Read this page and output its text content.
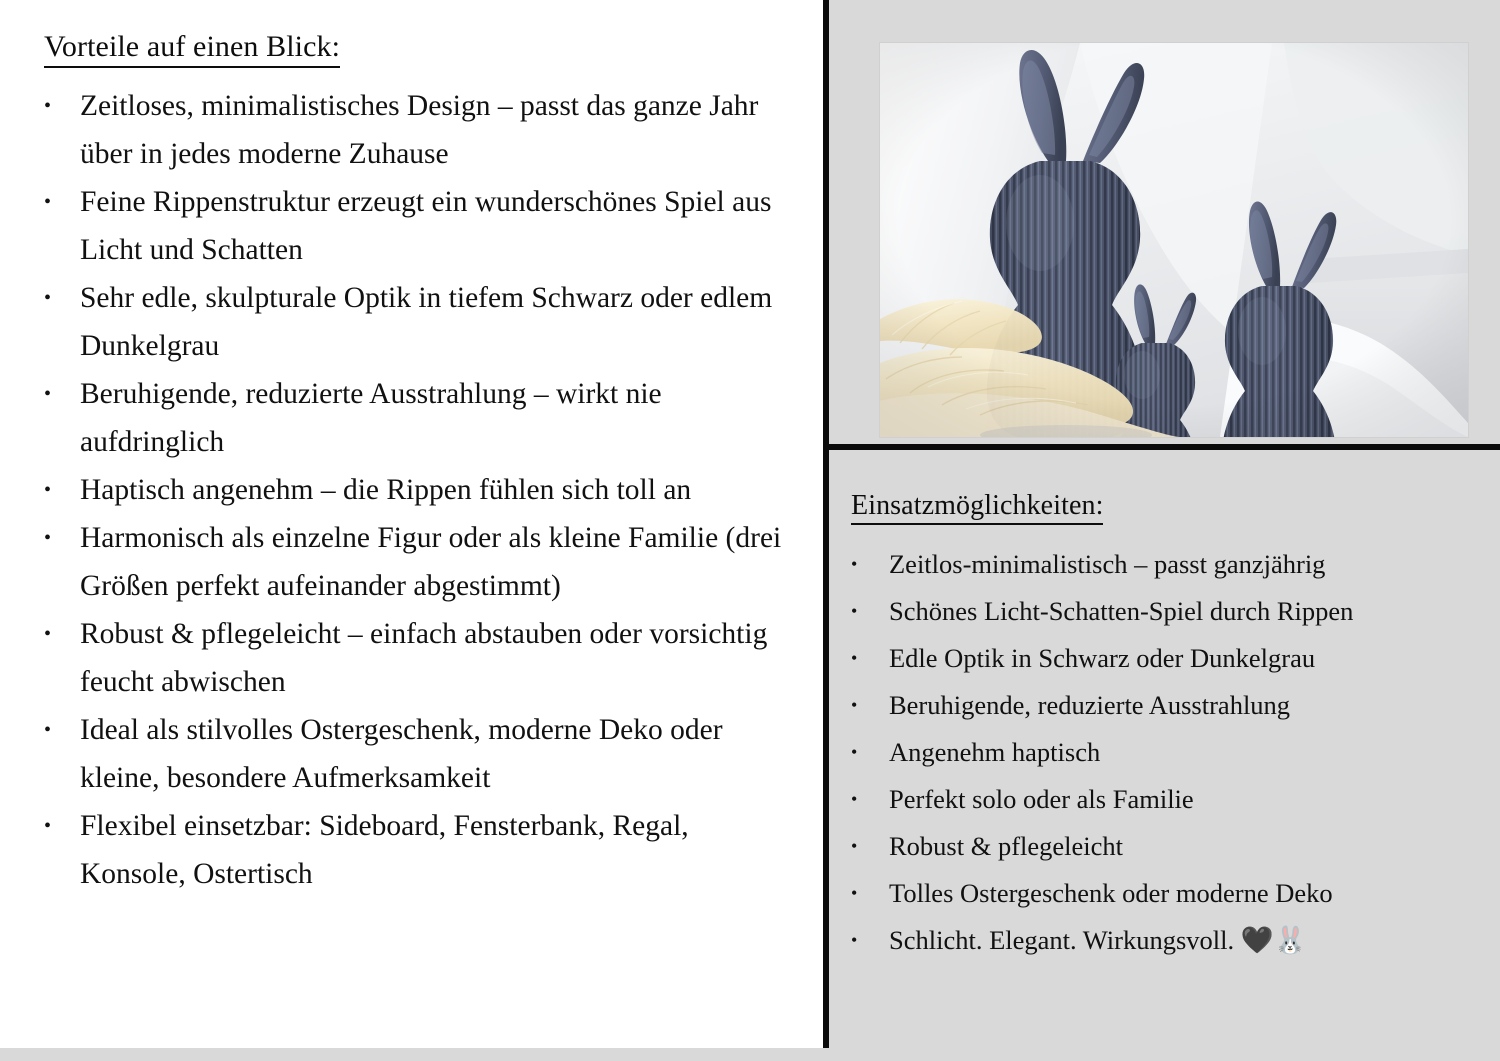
Vorteile auf einen Blick:
• Zeitloses, minimalistisches Design – passt das ganze Jahr über in jedes moderne Zuhause
• Feine Rippenstruktur erzeugt ein wunderschönes Spiel aus Licht und Schatten
• Sehr edle, skulpturale Optik in tiefem Schwarz oder edlem Dunkelgrau
• Beruhigende, reduzierte Ausstrahlung – wirkt nie aufdringlich
• Haptisch angenehm – die Rippen fühlen sich toll an
• Harmonisch als einzelne Figur oder als kleine Familie (drei Größen perfekt aufeinander abgestimmt)
• Robust & pflegeleicht – einfach abstauben oder vorsichtig feucht abwischen
• Ideal als stilvolles Ostergeschenk, moderne Deko oder kleine, besondere Aufmerksamkeit
• Flexibel einsetzbar: Sideboard, Fensterbank, Regal, Konsole, Ostertisch
Einsatzmöglichkeiten:
• Zeitlos-minimalistisch – passt ganzjährig
• Schönes Licht-Schatten-Spiel durch Rippen
• Edle Optik in Schwarz oder Dunkelgrau
• Beruhigende, reduzierte Ausstrahlung
• Angenehm haptisch
• Perfekt solo oder als Familie
• Robust & pflegeleicht
• Tolles Ostergeschenk oder moderne Deko
• Schlicht. Elegant. Wirkungsvoll. 🖤🐰
